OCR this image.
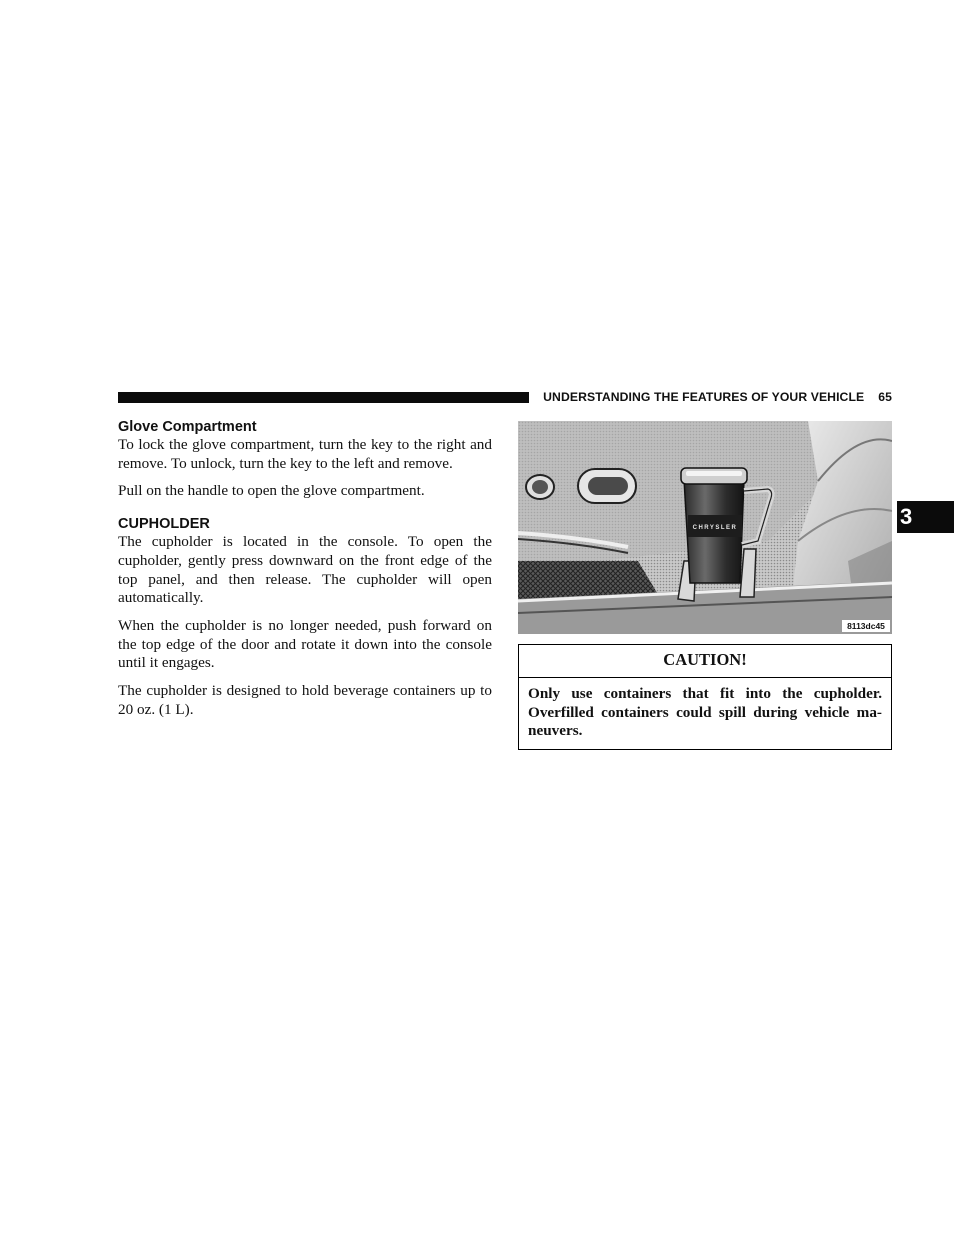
UNDERSTANDING THE FEATURES OF YOUR VEHICLE 65
3
Glove Compartment

To lock the glove compartment, turn the key to the right and remove. To unlock, turn the key to the left and remove.

Pull on the handle to open the glove compartment.

CUPHOLDER

The cupholder is located in the console. To open the cupholder, gently press downward on the front edge of the top panel, and then release. The cupholder will open automatically.

When the cupholder is no longer needed, push forward on the top edge of the door and rotate it down into the console until it engages.

The cupholder is designed to hold beverage containers up to 20 oz. (1 L).

CHRYSLER
8113dc45
CAUTION!
Only use containers that fit into the cupholder. Overfilled containers could spill during vehicle ma-neuvers.
